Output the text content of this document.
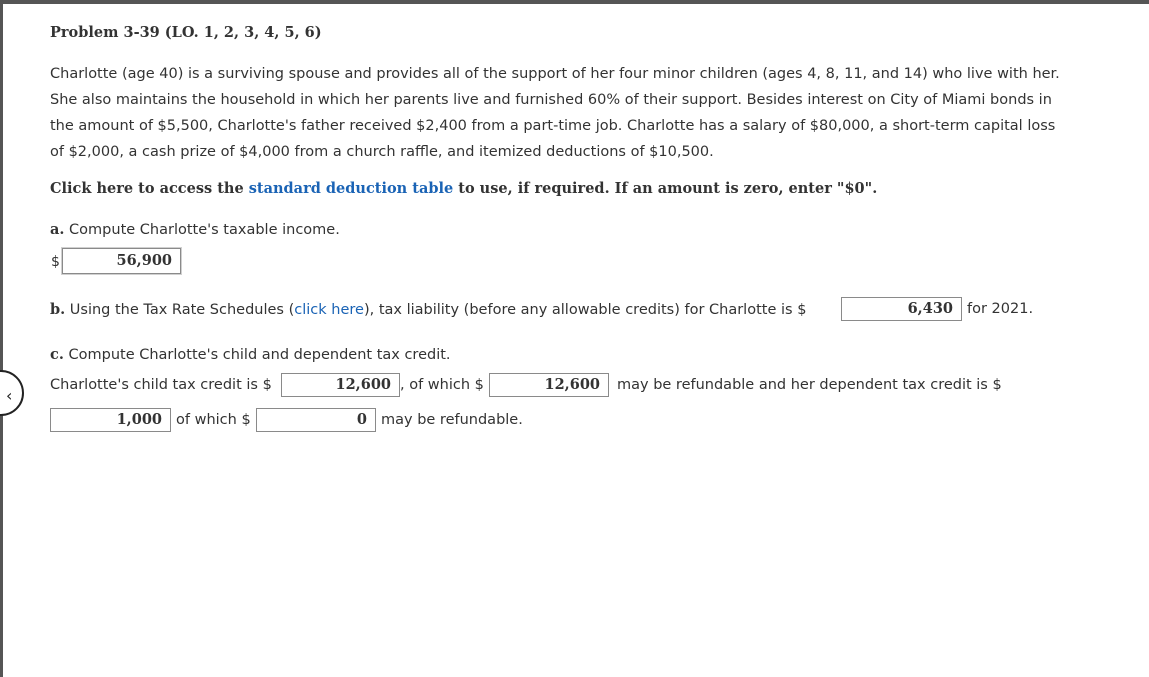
‹
Problem 3-39 (LO. 1, 2, 3, 4, 5, 6)
Charlotte (age 40) is a surviving spouse and provides all of the support of her four minor children (ages 4, 8, 11, and 14) who live with her.
She also maintains the household in which her parents live and furnished 60% of their support. Besides interest on City of Miami bonds in
the amount of $5,500, Charlotte's father received $2,400 from a part-time job. Charlotte has a salary of $80,000, a short-term capital loss
of $2,000, a cash prize of $4,000 from a church raffle, and itemized deductions of $10,500.
Click here to access the standard deduction table to use, if required. If an amount is zero, enter "$0".
a. Compute Charlotte's taxable income.
$	56,900
b. Using the Tax Rate Schedules (click here), tax liability (before any allowable credits) for Charlotte is $	6,430 for 2021.
c. Compute Charlotte's child and dependent tax credit.
Charlotte's child tax credit is $	12,600 , of which $	12,600	may be refundable and her dependent tax credit is $
1,000 of which $	0 may be refundable.
